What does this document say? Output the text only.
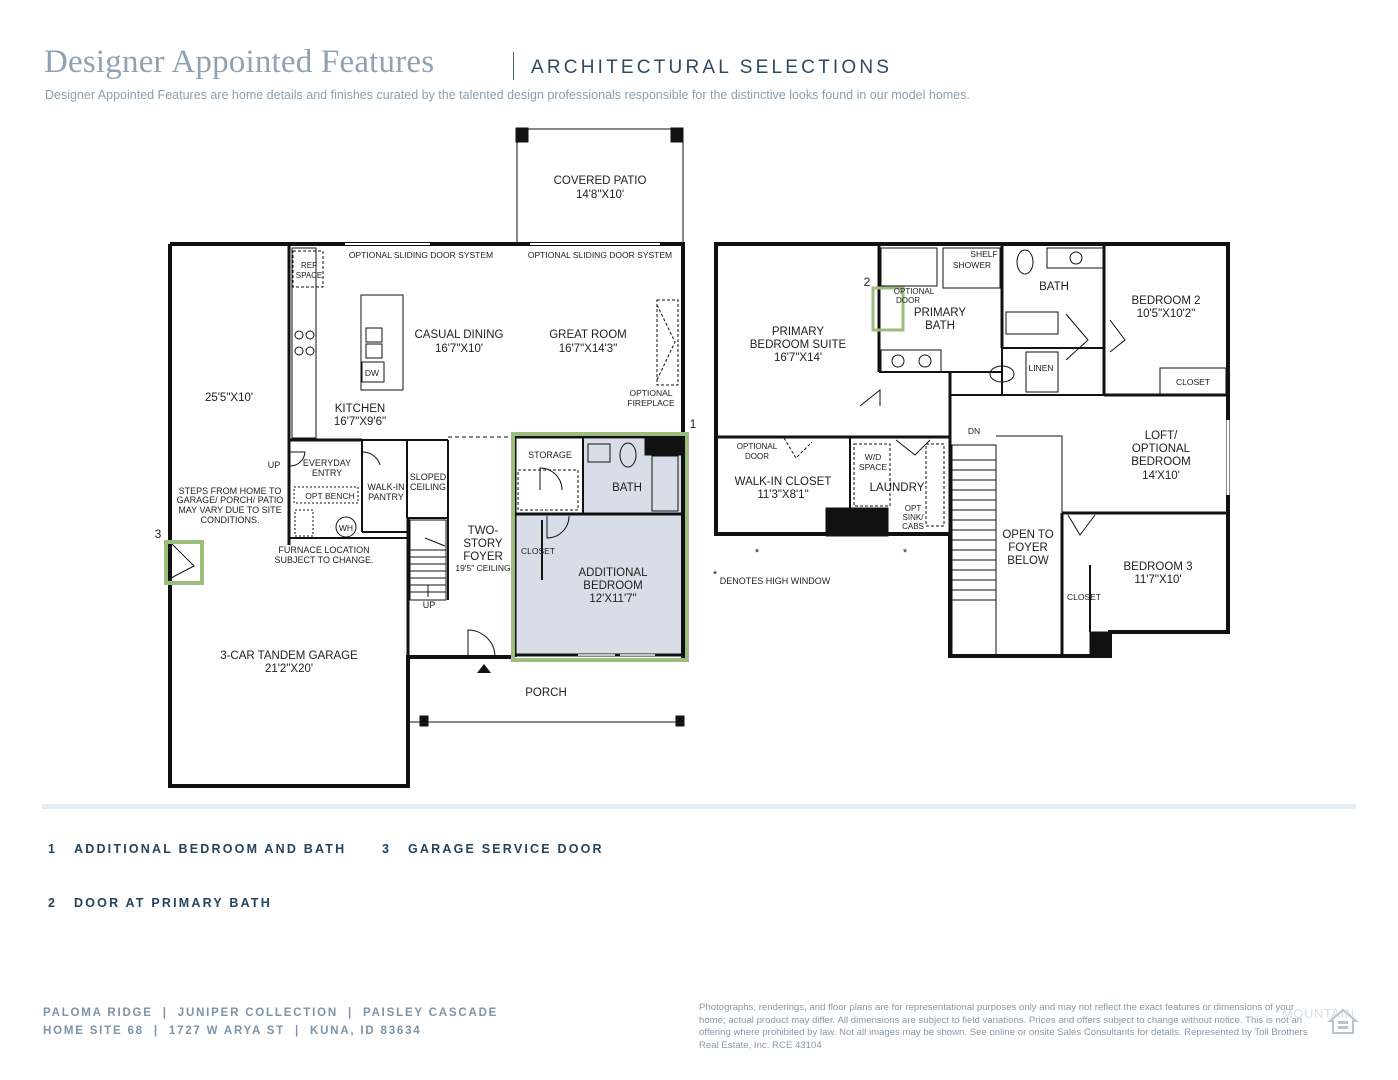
Designer Appointed Features	ARCHITECTURAL SELECTIONS
Designer Appointed Features are home details and finishes curated by the talented design professionals responsible for the distinctive looks found in our model homes.
COVERED PATIO
14'8"X10'
OPTIONAL SLIDING DOOR SYSTEM	OPTIONAL SLIDING DOOR SYSTEM
REF
SPACE
CASUAL DINING
16'7"X10'
GREAT ROOM
16'7"X14'3"
DW
OPTIONAL
FIREPLACE
KITCHEN
16'7"X9'6"
25'5"X10'
UP	EVERYDAY
ENTRY
OPT BENCH
WALK-IN
PANTRY
SLOPED
CEILING
STORAGE
BATH
STEPS FROM HOME TO
GARAGE/ PORCH/ PATIO
MAY VARY DUE TO SITE
CONDITIONS.
WH
FURNACE LOCATION
SUBJECT TO CHANGE.
TWO-
STORY
FOYER
19'5" CEILING
CLOSET
ADDITIONAL
BEDROOM
12'X11'7"
UP
3-CAR TANDEM GARAGE
21'2"X20'
PORCH
PRIMARY
BEDROOM SUITE
16'7"X14'
SHELF
SHOWER
OPTIONAL
DOOR
PRIMARY
BATH
BATH
LINEN
BEDROOM 2
10'5"X10'2"
CLOSET
OPTIONAL
DOOR
WALK-IN CLOSET
11'3"X8'1"
W/D
SPACE
LAUNDRY
OPT
SINK/
CABS
DN	LOFT/
OPTIONAL
BEDROOM
14'X10'
OPEN TO
FOYER
BELOW	BEDROOM 3
11'7"X10'
CLOSET
*	*
* DENOTES HIGH WINDOW
1
2
3
1 ADDITIONAL BEDROOM AND BATH	3 GARAGE SERVICE DOOR
2 DOOR AT PRIMARY BATH
PALOMA RIDGE  |  JUNIPER COLLECTION  |  PAISLEY CASCADE
HOME SITE 68  |  1727 W ARYA ST  |  KUNA, ID 83634
Photographs, renderings, and floor plans are for representational purposes only and may not reflect the exact features or dimensions of your home; actual product may differ. All dimensions are subject to field variations. Prices and offers subject to change without notice. This is not an offering where prohibited by law. Not all images may be shown. See online or onsite Sales Consultants for details. Represented by Toll Brothers Real Estate, Inc. RCE 43104
MOUNTAIN
